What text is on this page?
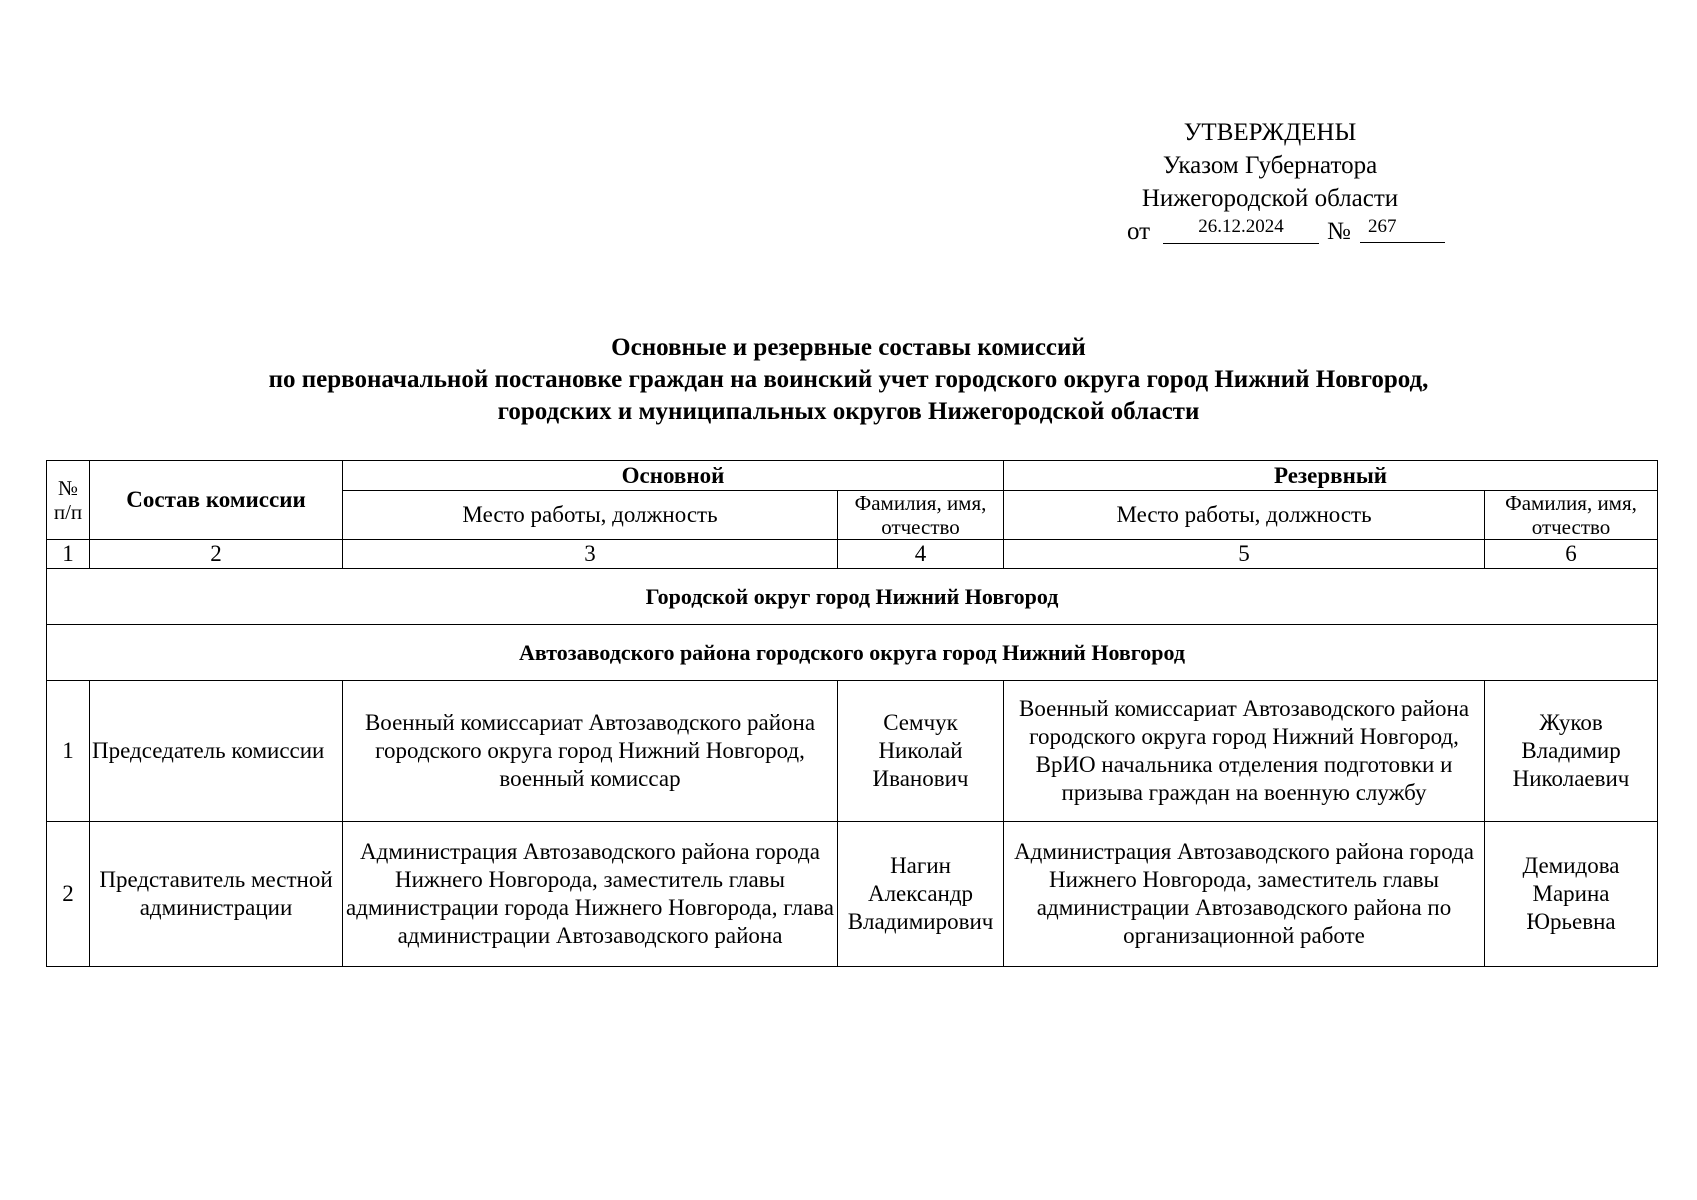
УТВЕРЖДЕНЫ
Указом Губернатора
Нижегородской области
от	26.12.2024	№ 267
Основные и резервные составы комиссий
по первоначальной постановке граждан на воинский учет городского округа город Нижний Новгород,
городских и муниципальных округов Нижегородской области
№ п/п	Состав комиссии	Основной		Резервный	
		Место работы, должность	Фамилия, имя, отчество	Место работы, должность	Фамилия, имя, отчество
1	2	3	4	5	6
Городской округ город Нижний Новгород					
Автозаводского района городского округа город Нижний Новгород					
1	Председатель комиссии	Военный комиссариат Автозаводского района городского округа город Нижний Новгород, военный комиссар	Семчук Николай Иванович	Военный комиссариат Автозаводского района городского округа город Нижний Новгород, ВрИО начальника отделения подготовки и призыва граждан на военную службу	Жуков Владимир Николаевич
2	Представитель местной администрации	Администрация Автозаводского района города Нижнего Новгорода, заместитель главы администрации города Нижнего Новгорода, глава администрации Автозаводского района	Нагин Александр Владимирович	Администрация Автозаводского района города Нижнего Новгорода, заместитель главы администрации Автозаводского района по организационной работе	Демидова Марина Юрьевна
